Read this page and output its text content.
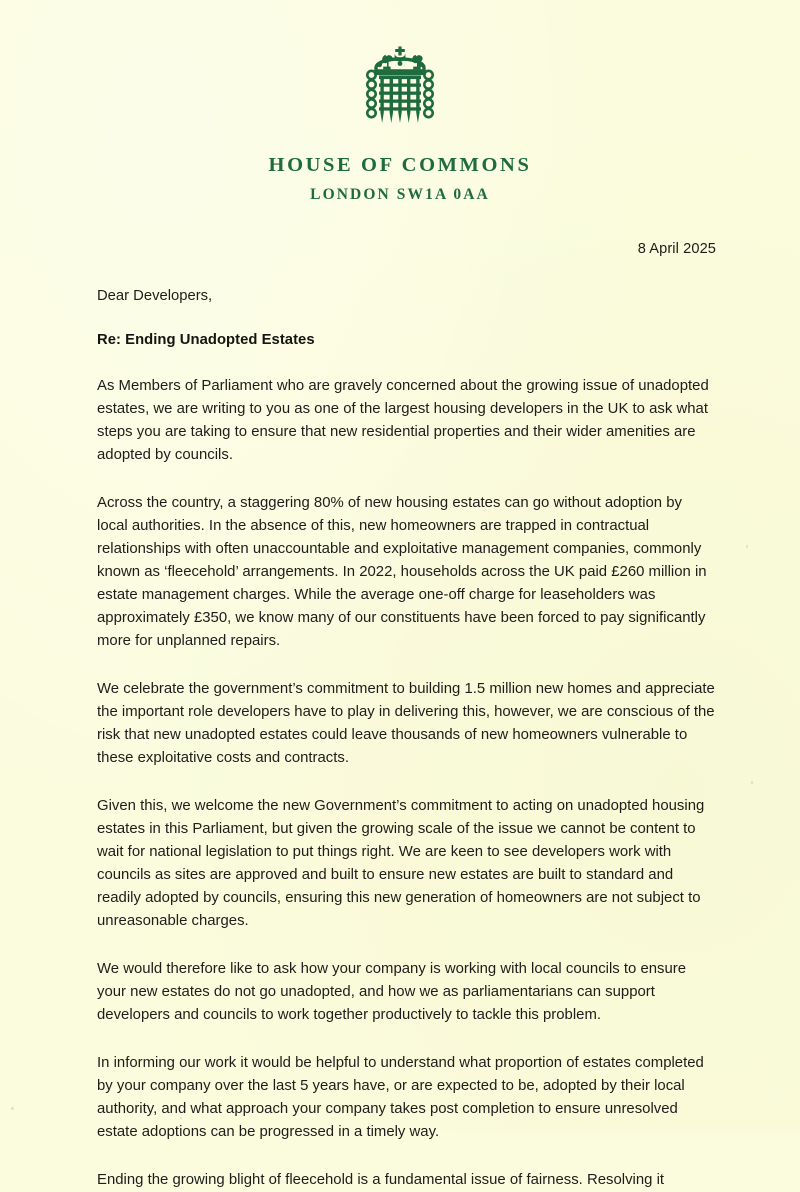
HOUSE OF COMMONS
LONDON SW1A 0AA
8 April 2025
Dear Developers,
Re: Ending Unadopted Estates

As Members of Parliament who are gravely concerned about the growing issue of unadopted estates, we are writing to you as one of the largest housing developers in the UK to ask what steps you are taking to ensure that new residential properties and their wider amenities are adopted by councils.

Across the country, a staggering 80% of new housing estates can go without adoption by local authorities. In the absence of this, new homeowners are trapped in contractual relationships with often unaccountable and exploitative management companies, commonly known as ‘fleecehold’ arrangements. In 2022, households across the UK paid £260 million in estate management charges. While the average one-off charge for leaseholders was approximately £350, we know many of our constituents have been forced to pay significantly more for unplanned repairs.

We celebrate the government’s commitment to building 1.5 million new homes and appreciate the important role developers have to play in delivering this, however, we are conscious of the risk that new unadopted estates could leave thousands of new homeowners vulnerable to these exploitative costs and contracts.

Given this, we welcome the new Government’s commitment to acting on unadopted housing estates in this Parliament, but given the growing scale of the issue we cannot be content to wait for national legislation to put things right. We are keen to see developers work with councils as sites are approved and built to ensure new estates are built to standard and readily adopted by councils, ensuring this new generation of homeowners are not subject to unreasonable charges.

We would therefore like to ask how your company is working with local councils to ensure your new estates do not go unadopted, and how we as parliamentarians can support developers and councils to work together productively to tackle this problem.

In informing our work it would be helpful to understand what proportion of estates completed by your company over the last 5 years have, or are expected to be, adopted by their local authority, and what approach your company takes post completion to ensure unresolved estate adoptions can be progressed in a timely way.

Ending the growing blight of fleecehold is a fundamental issue of fairness. Resolving it
